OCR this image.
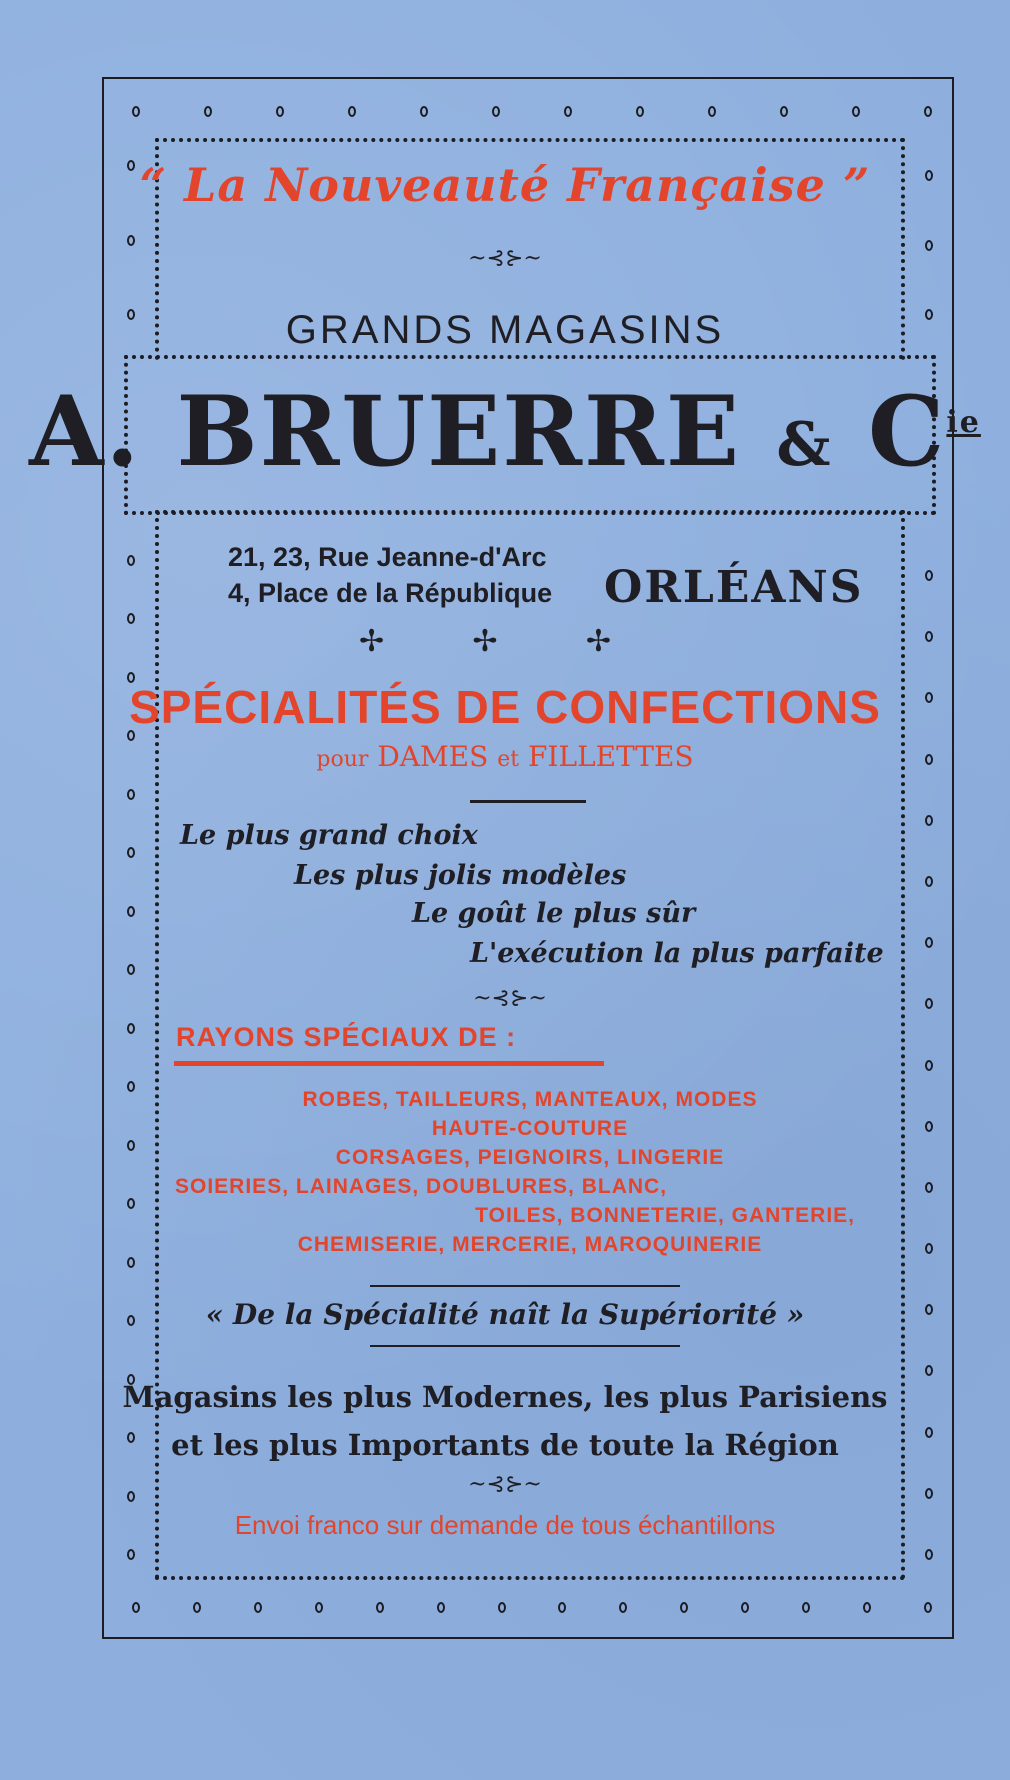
“ La Nouveauté Française ”
~⊰⊱~
GRANDS MAGASINS
A. BRUERRE & $C^{ie}$
21, 23, Rue Jeanne-d'Arc
4, Place de la République ORLÉANS
✢ ✢ ✢
SPÉCIALITÉS DE CONFECTIONS
pour DAMES et FILLETTES
Le plus grand choix
Les plus jolis modèles
Le goût le plus sûr
L'exécution la plus parfaite
~⊰⊱~
RAYONS SPÉCIAUX DE :
ROBES, TAILLEURS, MANTEAUX, MODES
HAUTE-COUTURE
CORSAGES, PEIGNOIRS, LINGERIE
SOIERIES, LAINAGES, DOUBLURES, BLANC,
TOILES, BONNETERIE, GANTERIE,
CHEMISERIE, MERCERIE, MAROQUINERIE
« De la Spécialité naît la Supériorité »
Magasins les plus Modernes, les plus Parisiens
et les plus Importants de toute la Région
~⊰⊱~
Envoi franco sur demande de tous échantillons
